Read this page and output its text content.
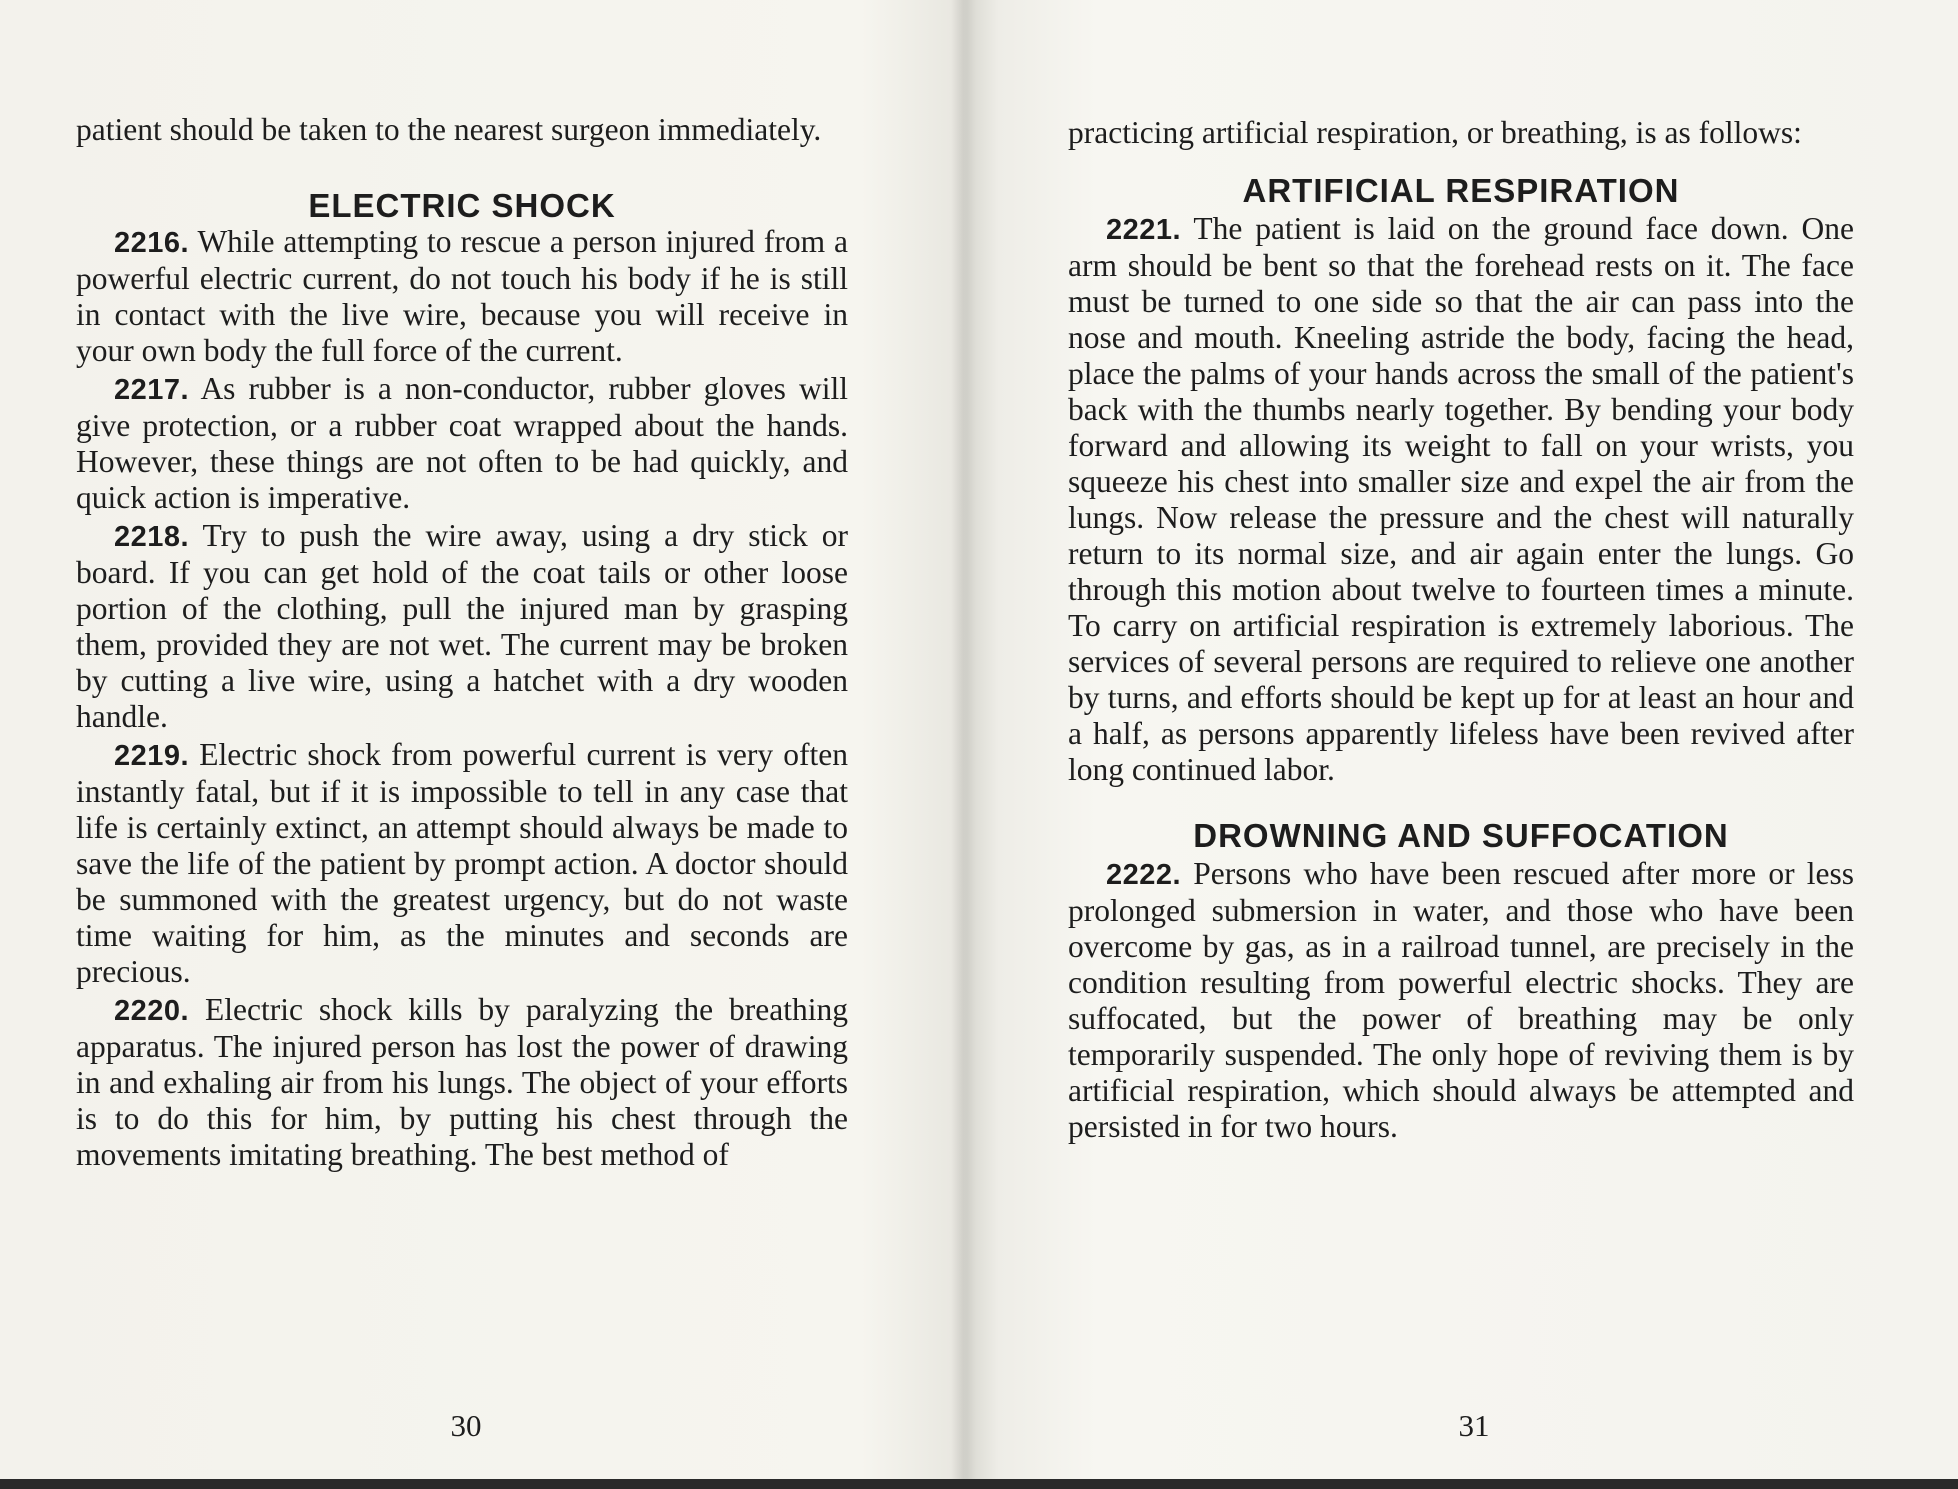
patient should be taken to the nearest surgeon immediately.

ELECTRIC SHOCK

2216. While attempting to rescue a person injured from a powerful electric current, do not touch his body if he is still in contact with the live wire, because you will receive in your own body the full force of the current.

2217. As rubber is a non-conductor, rubber gloves will give protection, or a rubber coat wrapped about the hands. However, these things are not often to be had quickly, and quick action is imperative.

2218. Try to push the wire away, using a dry stick or board. If you can get hold of the coat tails or other loose portion of the clothing, pull the injured man by grasping them, provided they are not wet. The current may be broken by cutting a live wire, using a hatchet with a dry wooden handle.

2219. Electric shock from powerful current is very often instantly fatal, but if it is impossible to tell in any case that life is certainly extinct, an attempt should always be made to save the life of the patient by prompt action. A doctor should be summoned with the greatest urgency, but do not waste time waiting for him, as the minutes and seconds are precious.

2220. Electric shock kills by paralyzing the breathing apparatus. The injured person has lost the power of drawing in and exhaling air from his lungs. The object of your efforts is to do this for him, by putting his chest through the movements imitating breathing. The best method of

30

practicing artificial respiration, or breathing, is as follows:

ARTIFICIAL RESPIRATION

2221. The patient is laid on the ground face down. One arm should be bent so that the forehead rests on it. The face must be turned to one side so that the air can pass into the nose and mouth. Kneeling astride the body, facing the head, place the palms of your hands across the small of the patient's back with the thumbs nearly together. By bending your body forward and allowing its weight to fall on your wrists, you squeeze his chest into smaller size and expel the air from the lungs. Now release the pressure and the chest will naturally return to its normal size, and air again enter the lungs. Go through this motion about twelve to fourteen times a minute. To carry on artificial respiration is extremely laborious. The services of several persons are required to relieve one another by turns, and efforts should be kept up for at least an hour and a half, as persons apparently lifeless have been revived after long continued labor.

DROWNING AND SUFFOCATION

2222. Persons who have been rescued after more or less prolonged submersion in water, and those who have been overcome by gas, as in a railroad tunnel, are precisely in the condition resulting from powerful electric shocks. They are suffocated, but the power of breathing may be only temporarily suspended. The only hope of reviving them is by artificial respiration, which should always be attempted and persisted in for two hours.

31
